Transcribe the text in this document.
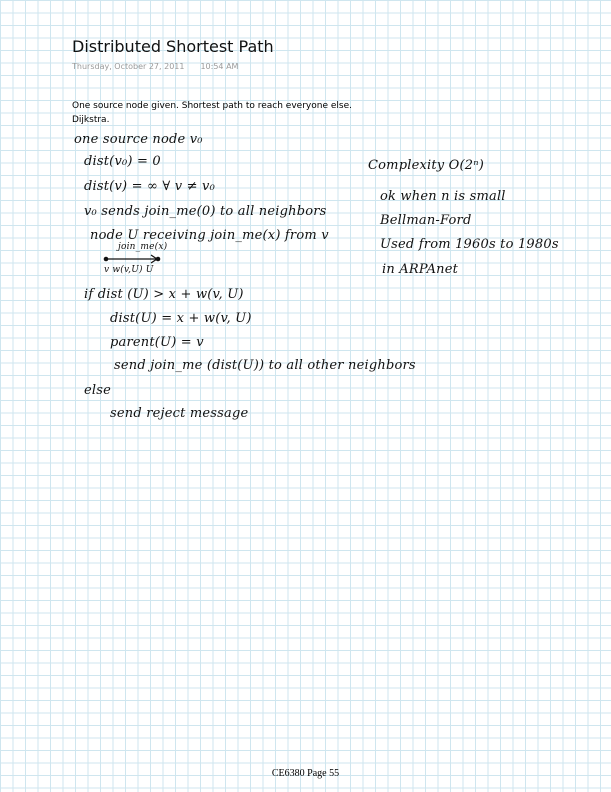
Distributed Shortest Path
Thursday, October 27, 2011 10:54 AM
One source node given. Shortest path to reach everyone else.
Dijkstra.
one source node v₀
dist(v₀) = 0
dist(v) = ∞ ∀ v ≠ v₀
v₀ sends join_me(0) to all neighbors
node U receiving join_me(x) from v
join_me(x)
v w(v,U) U
if dist (U) > x + w(v, U)
dist(U) = x + w(v, U)
parent(U) = v
send join_me (dist(U)) to all other neighbors
else
send reject message
Complexity O(2ⁿ)
ok when n is small
Bellman-Ford
Used from 1960s to 1980s
in ARPAnet
CE6380 Page 55
